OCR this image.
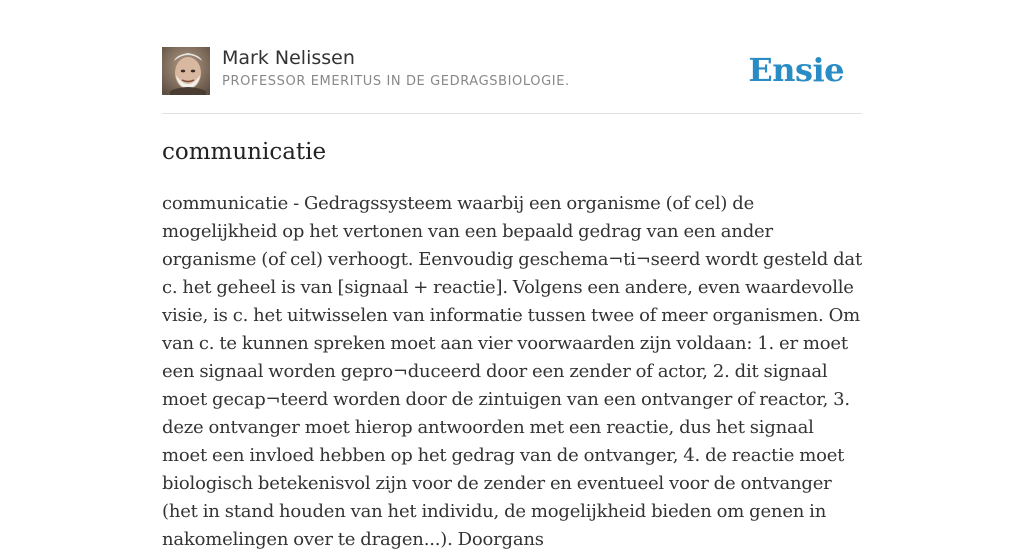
Mark Nelissen
PROFESSOR EMERITUS IN DE GEDRAGSBIOLOGIE.	Ensie
communicatie

communicatie - Gedragssysteem waarbij een organisme (of cel) de mogelijkheid op het vertonen van een bepaald gedrag van een ander organisme (of cel) verhoogt. Eenvoudig geschema¬ti¬seerd wordt gesteld dat c. het geheel is van [signaal + reactie]. Volgens een andere, even waardevolle visie, is c. het uitwisselen van informatie tussen twee of meer organismen. Om van c. te kunnen spreken moet aan vier voorwaarden zijn voldaan: 1. er moet een signaal worden gepro¬duceerd door een zender of actor, 2. dit signaal moet gecap¬teerd worden door de zintuigen van een ontvanger of reactor, 3. deze ontvanger moet hierop antwoorden met een reactie, dus het signaal moet een invloed hebben op het gedrag van de ontvanger, 4. de reactie moet biologisch betekenisvol zijn voor de zender en eventueel voor de ontvanger (het in stand houden van het individu, de mogelijkheid bieden om genen in nakomelingen over te dragen...). Doorgans
